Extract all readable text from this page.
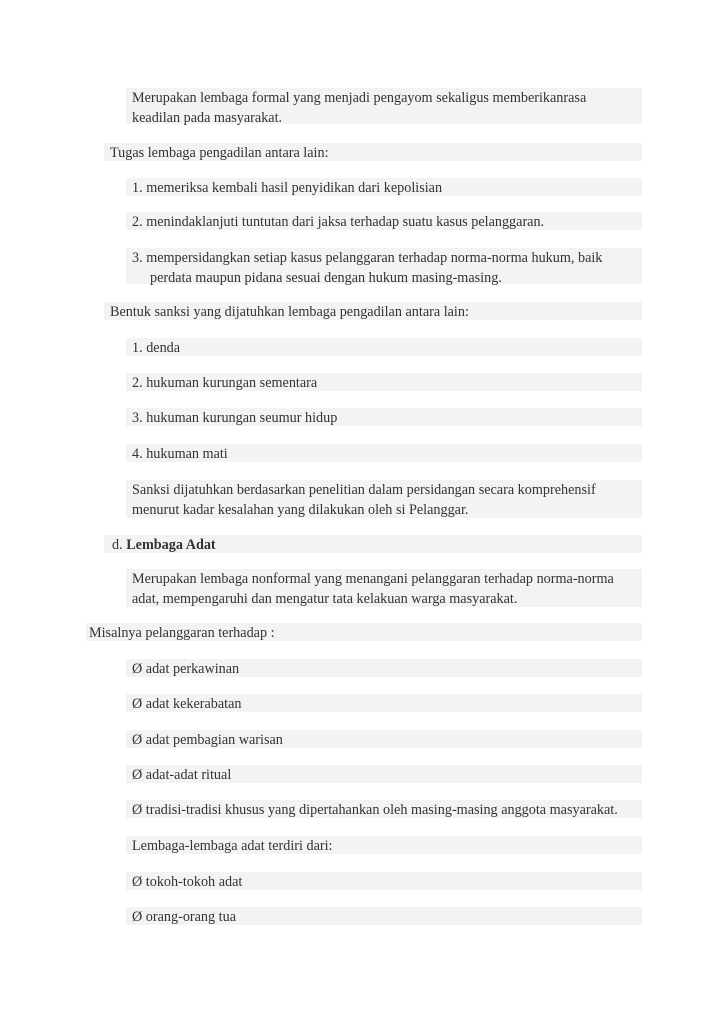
Merupakan lembaga formal yang menjadi pengayom sekaligus memberikanrasa
keadilan pada masyarakat.
Tugas lembaga pengadilan antara lain:
1. memeriksa kembali hasil penyidikan dari kepolisian
2. menindaklanjuti tuntutan dari jaksa terhadap suatu kasus pelanggaran.
3. mempersidangkan setiap kasus pelanggaran terhadap norma-norma hukum, baik
perdata maupun pidana sesuai dengan hukum masing-masing.
Bentuk sanksi yang dijatuhkan lembaga pengadilan antara lain:
1. denda
2. hukuman kurungan sementara
3. hukuman kurungan seumur hidup
4. hukuman mati
Sanksi dijatuhkan berdasarkan penelitian dalam persidangan secara komprehensif
menurut kadar kesalahan yang dilakukan oleh si Pelanggar.
d. Lembaga Adat
Merupakan lembaga nonformal yang menangani pelanggaran terhadap norma-norma
adat, mempengaruhi dan mengatur tata kelakuan warga masyarakat.
Misalnya pelanggaran terhadap :
Ø adat perkawinan
Ø adat kekerabatan
Ø adat pembagian warisan
Ø adat-adat ritual
Ø tradisi-tradisi khusus yang dipertahankan oleh masing-masing anggota masyarakat.
Lembaga-lembaga adat terdiri dari:
Ø tokoh-tokoh adat
Ø orang-orang tua
